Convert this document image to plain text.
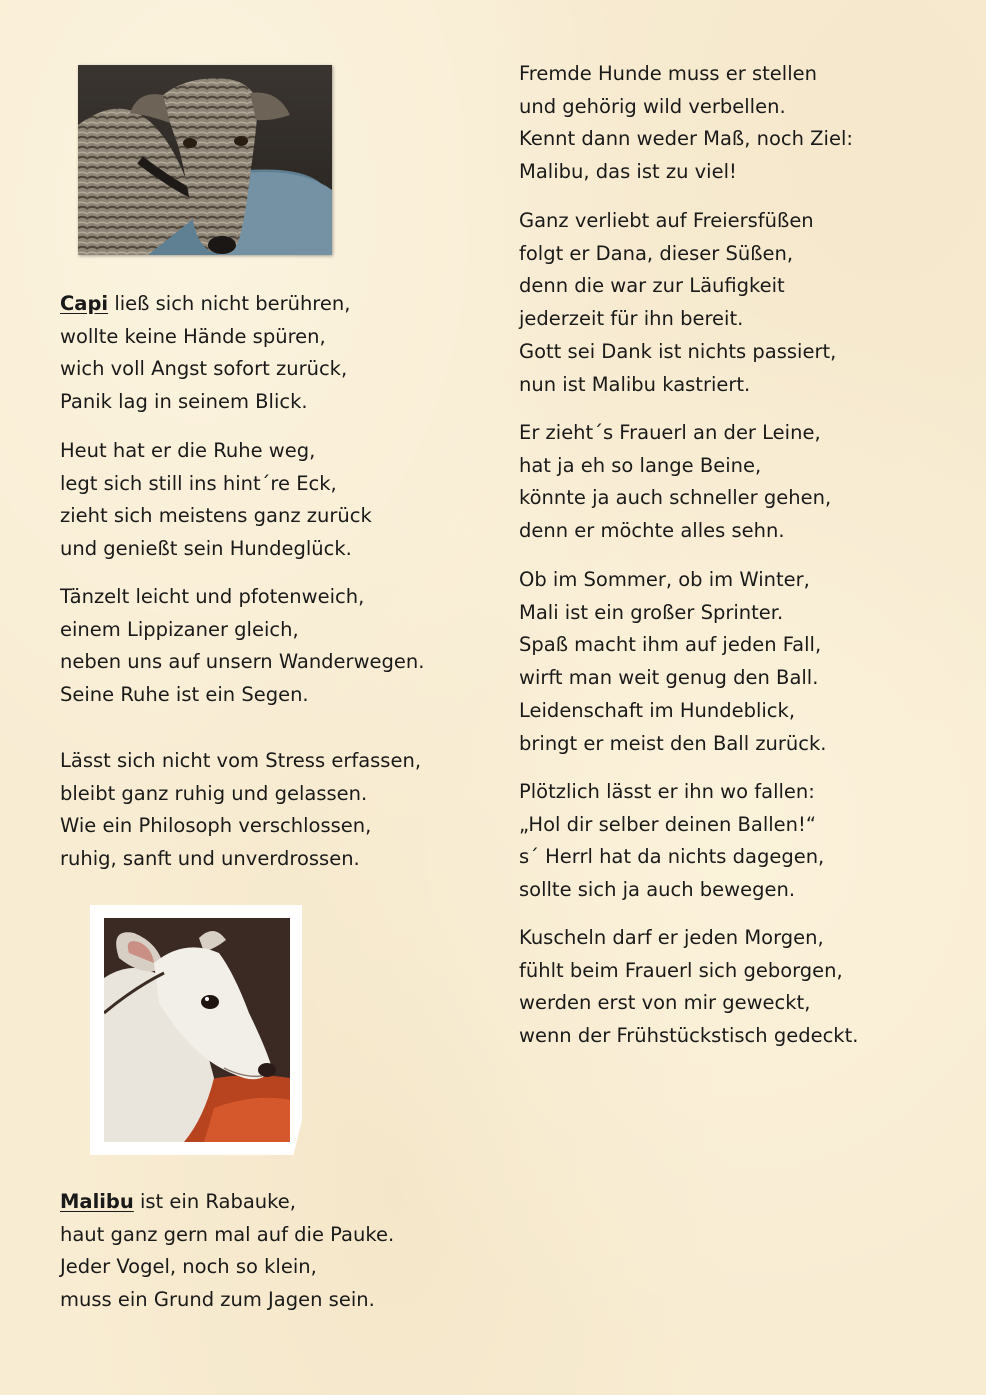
Capi ließ sich nicht berühren,
wollte keine Hände spüren,
wich voll Angst sofort zurück,
Panik lag in seinem Blick.
Heut hat er die Ruhe weg,
legt sich still ins hint´re Eck,
zieht sich meistens ganz zurück
und genießt sein Hundeglück.
Tänzelt leicht und pfotenweich,
einem Lippizaner gleich,
neben uns auf unsern Wanderwegen.
Seine Ruhe ist ein Segen.
Lässt sich nicht vom Stress erfassen,
bleibt ganz ruhig und gelassen.
Wie ein Philosoph verschlossen,
ruhig, sanft und unverdrossen.
Malibu ist ein Rabauke,
haut ganz gern mal auf die Pauke.
Jeder Vogel, noch so klein,
muss ein Grund zum Jagen sein.
Fremde Hunde muss er stellen
und gehörig wild verbellen.
Kennt dann weder Maß, noch Ziel:
Malibu, das ist zu viel!
Ganz verliebt auf Freiersfüßen
folgt er Dana, dieser Süßen,
denn die war zur Läufigkeit
jederzeit für ihn bereit.
Gott sei Dank ist nichts passiert,
nun ist Malibu kastriert.
Er zieht´s Frauerl an der Leine,
hat ja eh so lange Beine,
könnte ja auch schneller gehen,
denn er möchte alles sehn.
Ob im Sommer, ob im Winter,
Mali ist ein großer Sprinter.
Spaß macht ihm auf jeden Fall,
wirft man weit genug den Ball.
Leidenschaft im Hundeblick,
bringt er meist den Ball zurück.
Plötzlich lässt er ihn wo fallen:
„Hol dir selber deinen Ballen!“
s´ Herrl hat da nichts dagegen,
sollte sich ja auch bewegen.
Kuscheln darf er jeden Morgen,
fühlt beim Frauerl sich geborgen,
werden erst von mir geweckt,
wenn der Frühstückstisch gedeckt.
